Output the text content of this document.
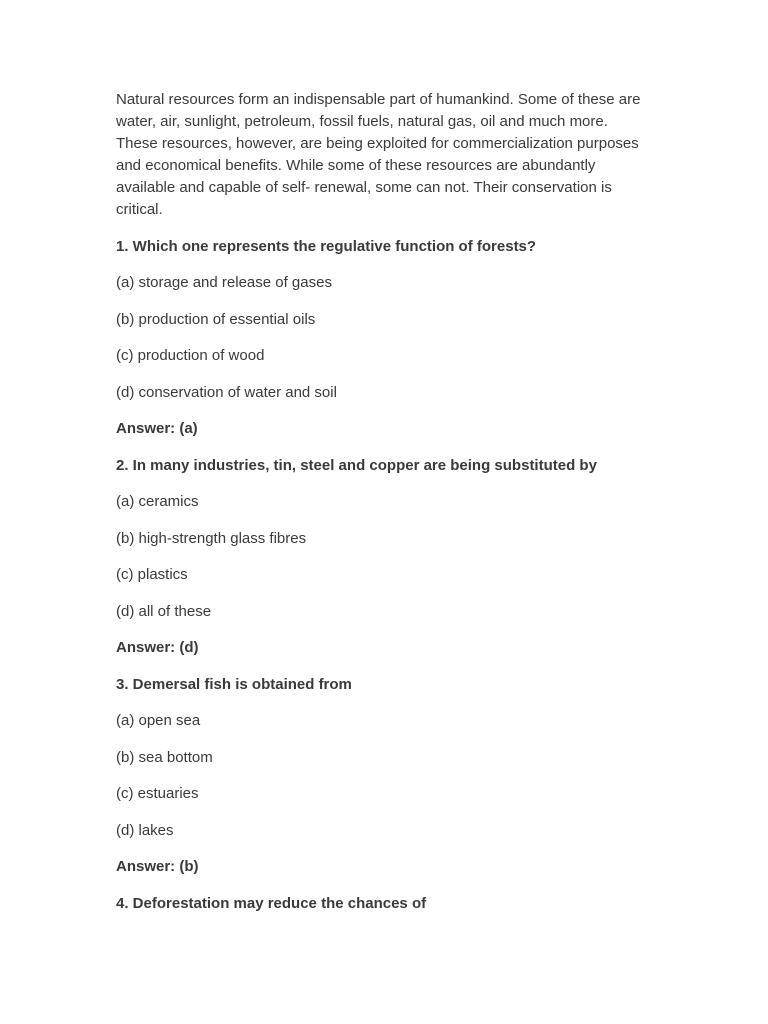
Natural resources form an indispensable part of humankind. Some of these are water, air, sunlight, petroleum, fossil fuels, natural gas, oil and much more. These resources, however, are being exploited for commercialization purposes and economical benefits. While some of these resources are abundantly available and capable of self- renewal, some can not. Their conservation is critical.

1. Which one represents the regulative function of forests?

(a) storage and release of gases

(b) production of essential oils

(c) production of wood

(d) conservation of water and soil

Answer: (a)

2. In many industries, tin, steel and copper are being substituted by

(a) ceramics

(b) high-strength glass fibres

(c) plastics

(d) all of these

Answer: (d)

3. Demersal fish is obtained from

(a) open sea

(b) sea bottom

(c) estuaries

(d) lakes

Answer: (b)

4. Deforestation may reduce the chances of
